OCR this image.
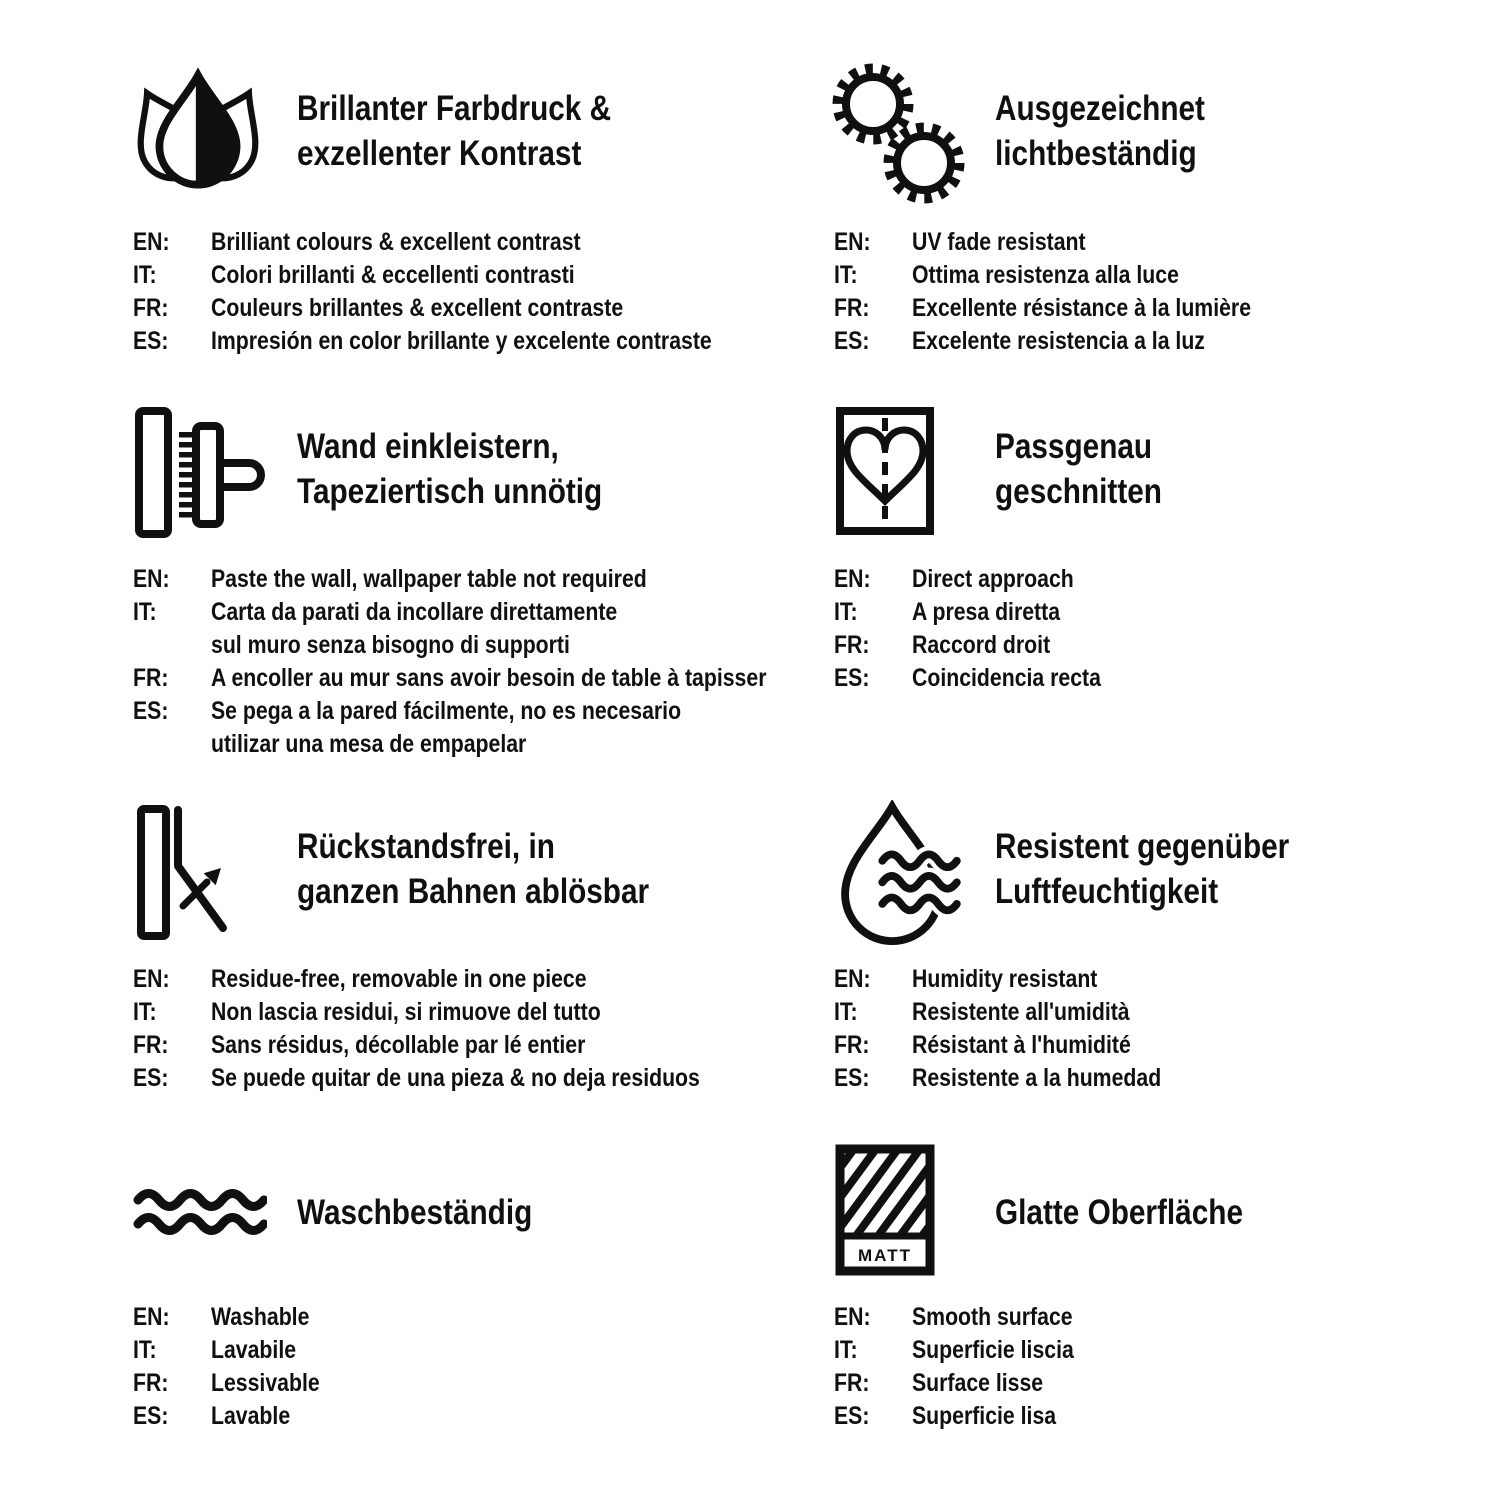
Brillanter Farbdruck &
exzellenter Kontrast
EN: Brilliant colours & excellent contrast
IT: Colori brillanti & eccellenti contrasti
FR: Couleurs brillantes & excellent contraste
ES: Impresión en color brillante y excelente contraste
Ausgezeichnet
lichtbeständig
EN: UV fade resistant
IT: Ottima resistenza alla luce
FR: Excellente résistance à la lumière
ES: Excelente resistencia a la luz
Wand einkleistern,
Tapeziertisch unnötig
EN: Paste the wall, wallpaper table not required
IT: Carta da parati da incollare direttamente
sul muro senza bisogno di supporti
FR: A encoller au mur sans avoir besoin de table à tapisser
ES: Se pega a la pared fácilmente, no es necesario
utilizar una mesa de empapelar
Passgenau
geschnitten
EN: Direct approach
IT: A presa diretta
FR: Raccord droit
ES: Coincidencia recta
Rückstandsfrei, in
ganzen Bahnen ablösbar
EN: Residue-free, removable in one piece
IT: Non lascia residui, si rimuove del tutto
FR: Sans résidus, décollable par lé entier
ES: Se puede quitar de una pieza & no deja residuos
Resistent gegenüber
Luftfeuchtigkeit
EN: Humidity resistant
IT: Resistente all'umidità
FR: Résistant à l'humidité
ES: Resistente a la humedad
Waschbeständig
EN: Washable
IT: Lavabile
FR: Lessivable
ES: Lavable
MATT
Glatte Oberfläche
EN: Smooth surface
IT: Superficie liscia
FR: Surface lisse
ES: Superficie lisa
